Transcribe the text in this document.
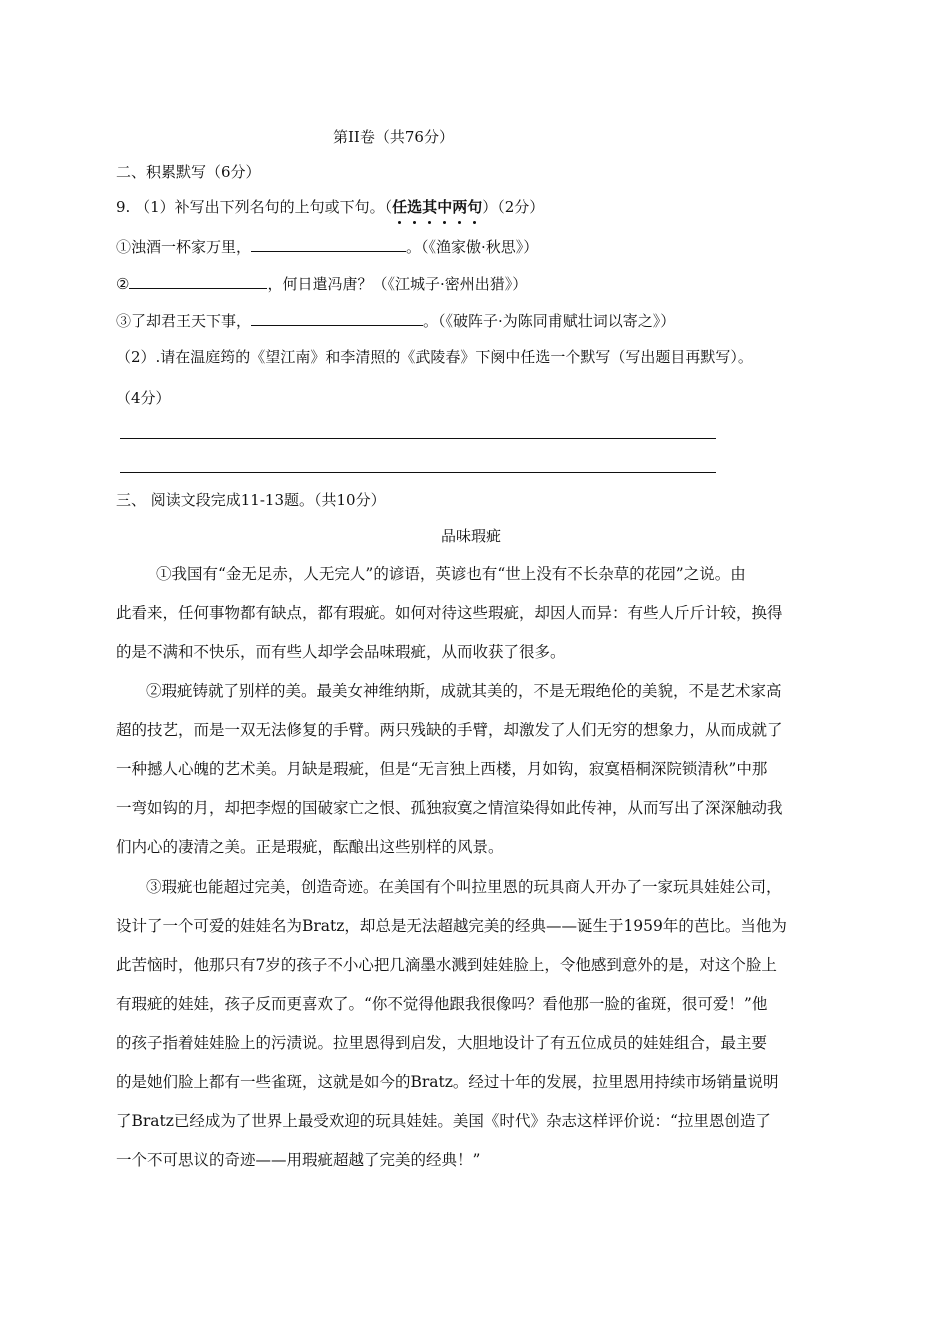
第II卷（共76分）
二、积累默写（6分）
9. （1）补写出下列名句的上句或下句。（任选其中两句）（2分）
①浊酒一杯家万里，	。（《渔家傲·秋思》）
②	，何日遣冯唐？（《江城子·密州出猎》）
③了却君王天下事，	。（《破阵子·为陈同甫赋壮词以寄之》）
（2）.请在温庭筠的《望江南》和李清照的《武陵春》下阕中任选一个默写（写出题目再默写）。
（4分）
三、 阅读文段完成11-13题。（共10分）
品味瑕疵
①我国有“金无足赤，人无完人”的谚语，英谚也有“世上没有不长杂草的花园”之说。由
此看来，任何事物都有缺点，都有瑕疵。如何对待这些瑕疵，却因人而异：有些人斤斤计较，换得
的是不满和不快乐，而有些人却学会品味瑕疵，从而收获了很多。
②瑕疵铸就了别样的美。最美女神维纳斯，成就其美的，不是无瑕绝伦的美貌，不是艺术家高
超的技艺，而是一双无法修复的手臂。两只残缺的手臂，却激发了人们无穷的想象力，从而成就了
一种撼人心魄的艺术美。月缺是瑕疵，但是“无言独上西楼，月如钩，寂寞梧桐深院锁清秋”中那
一弯如钩的月，却把李煜的国破家亡之恨、孤独寂寞之情渲染得如此传神，从而写出了深深触动我
们内心的凄清之美。正是瑕疵，酝酿出这些别样的风景。
③瑕疵也能超过完美，创造奇迹。在美国有个叫拉里恩的玩具商人开办了一家玩具娃娃公司，
设计了一个可爱的娃娃名为Bratz，却总是无法超越完美的经典——诞生于1959年的芭比。当他为
此苦恼时，他那只有7岁的孩子不小心把几滴墨水溅到娃娃脸上，令他感到意外的是，对这个脸上
有瑕疵的娃娃，孩子反而更喜欢了。“你不觉得他跟我很像吗？看他那一脸的雀斑，很可爱！”他
的孩子指着娃娃脸上的污渍说。拉里恩得到启发，大胆地设计了有五位成员的娃娃组合，最主要
的是她们脸上都有一些雀斑，这就是如今的Bratz。经过十年的发展，拉里恩用持续市场销量说明
了Bratz已经成为了世界上最受欢迎的玩具娃娃。美国《时代》杂志这样评价说：“拉里恩创造了
一个不可思议的奇迹——用瑕疵超越了完美的经典！”
